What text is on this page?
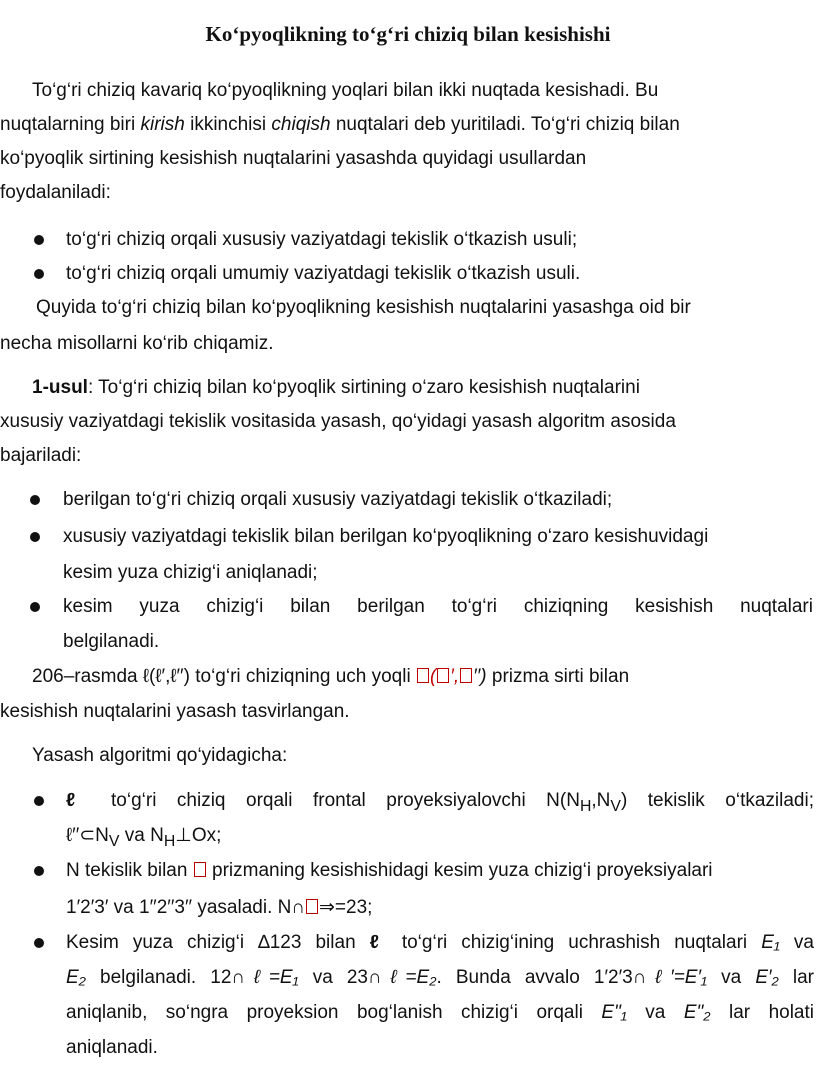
Ko‘pyoqlikning to‘g‘ri chiziq bilan kesishishi
To‘g‘ri chiziq kavariq ko‘pyoqlikning yoqlari bilan ikki nuqtada kesishadi. Bu
nuqtalarning biri kirish ikkinchisi chiqish nuqtalari deb yuritiladi. To‘g‘ri chiziq bilan
ko‘pyoqlik sirtining kesishish nuqtalarini yasashda quyidagi usullardan
foydalaniladi:
to‘g‘ri chiziq orqali xususiy vaziyatdagi tekislik o‘tkazish usuli;
to‘g‘ri chiziq orqali umumiy vaziyatdagi tekislik o‘tkazish usuli.
Quyida to‘g‘ri chiziq bilan ko‘pyoqlikning kesishish nuqtalarini yasashga oid bir
necha misollarni ko‘rib chiqamiz.
1-usul: To‘g‘ri chiziq bilan ko‘pyoqlik sirtining o‘zaro kesishish nuqtalarini
xususiy vaziyatdagi tekislik vositasida yasash, qo‘yidagi yasash algoritm asosida
bajariladi:
berilgan to‘g‘ri chiziq orqali xususiy vaziyatdagi tekislik o‘tkaziladi;
xususiy vaziyatdagi tekislik bilan berilgan ko‘pyoqlikning o‘zaro kesishuvidagi
kesim yuza chizig‘i aniqlanadi;
kesim yuza chizig‘i bilan berilgan to‘g‘ri chiziqning kesishish nuqtalari
belgilanadi.
206–rasmda ℓ(ℓ′,ℓ′′) to‘g‘ri chiziqning uch yoqli ( ′, ′′) prizma sirti bilan
kesishish nuqtalarini yasash tasvirlangan.
Yasash algoritmi qo‘yidagicha:
ℓ to‘g‘ri chiziq orqali frontal proyeksiyalovchi $N(N_H,N_V)$ tekislik o‘tkaziladi;
$\ell''\subset N_V$ va $N_H\perp Ox$;
N tekislik bilan  prizmaning kesishishidagi kesim yuza chizig‘i proyeksiyalari
1′2′3′ va 1′′2′′3′′ yasaladi. N∩ ⇒=23;
Kesim yuza chizig‘i ∆123 bilan ℓ to‘g‘ri chizig‘ining uchrashish nuqtalari E₁ va
E₂ belgilanadi. 12∩ℓ=E₁ va 23∩ℓ=E₂. Bunda avvalo 1′2′3∩ℓ′=E′₁ va E′₂ lar
aniqlanib, so‘ngra proyeksion bog‘lanish chizig‘i orqali E"₁ va E"₂ lar holati
aniqlanadi.
